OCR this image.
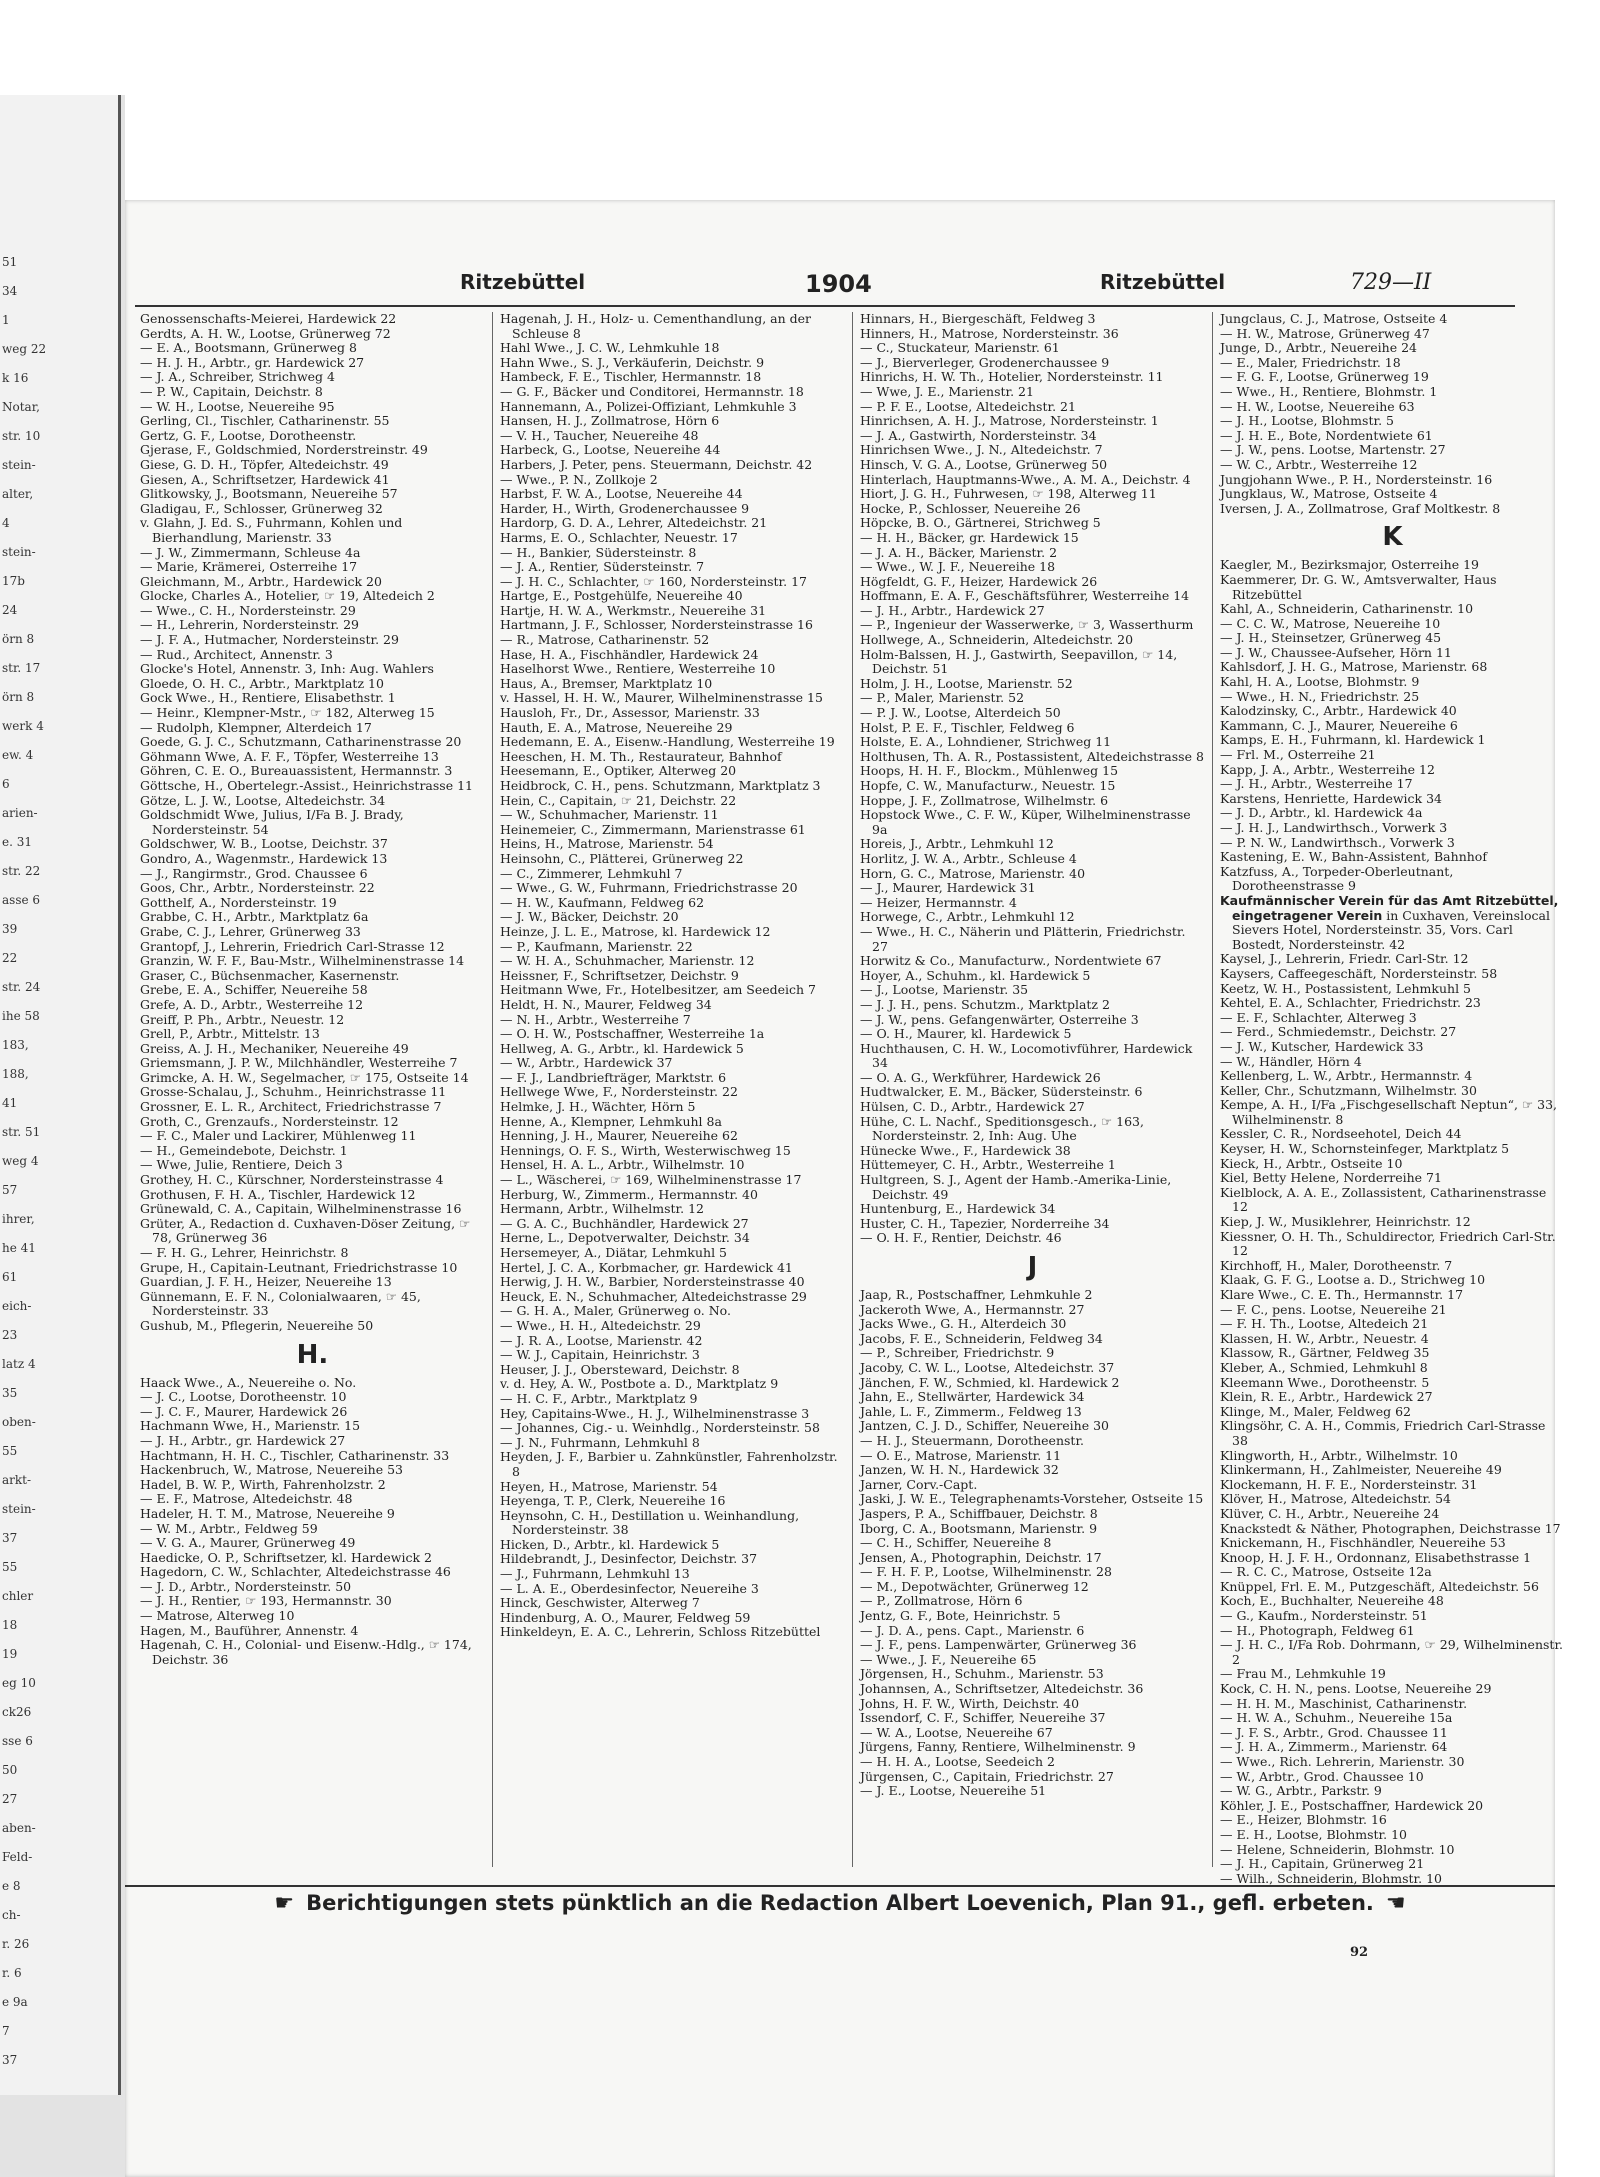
51
34
1
weg 22
k 16
Notar,
str. 10
stein-
alter,
4
stein-
17b
24
örn 8
str. 17
örn 8
werk 4
ew. 4
6
arien-
e. 31
str. 22
asse 6
39
22
str. 24
ihe 58
183,
188,
41
str. 51
weg 4
57
ihrer,
he 41
61
eich-
23
latz 4
35
oben-
55
arkt-
stein-
37
55
chler
18
19
eg 10
ck26
sse 6
50
27
aben-
Feld-
e 8
ch-
r. 26
r. 6
e 9a
7
37
Ritzebüttel	1904	Ritzebüttel	729—II

Genossenschafts-Meierei, Hardewick 22

Gerdts, A. H. W., Lootse, Grünerweg 72

— E. A., Bootsmann, Grünerweg 8

— H. J. H., Arbtr., gr. Hardewick 27

— J. A., Schreiber, Strichweg 4

— P. W., Capitain, Deichstr. 8

— W. H., Lootse, Neuereihe 95

Gerling, Cl., Tischler, Catharinenstr. 55

Gertz, G. F., Lootse, Dorotheenstr.

Gjerase, F., Goldschmied, Norderstreinstr. 49

Giese, G. D. H., Töpfer, Altedeichstr. 49

Giesen, A., Schriftsetzer, Hardewick 41

Glitkowsky, J., Bootsmann, Neuereihe 57

Gladigau, F., Schlosser, Grünerweg 32

v. Glahn, J. Ed. S., Fuhrmann, Kohlen und Bierhandlung, Marienstr. 33

— J. W., Zimmermann, Schleuse 4a

— Marie, Krämerei, Osterreihe 17

Gleichmann, M., Arbtr., Hardewick 20

Glocke, Charles A., Hotelier, ☞ 19, Altedeich 2

— Wwe., C. H., Nordersteinstr. 29

— H., Lehrerin, Nordersteinstr. 29

— J. F. A., Hutmacher, Nordersteinstr. 29

— Rud., Architect, Annenstr. 3

Glocke's Hotel, Annenstr. 3, Inh: Aug. Wahlers

Gloede, O. H. C., Arbtr., Marktplatz 10

Gock Wwe., H., Rentiere, Elisabethstr. 1

— Heinr., Klempner-Mstr., ☞ 182, Alterweg 15

— Rudolph, Klempner, Alterdeich 17

Goede, G. J. C., Schutzmann, Catharinenstrasse 20

Göhmann Wwe, A. F. F., Töpfer, Westerreihe 13

Göhren, C. E. O., Bureauassistent, Hermannstr. 3

Göttsche, H., Obertelegr.-Assist., Heinrichstrasse 11

Götze, L. J. W., Lootse, Altedeichstr. 34

Goldschmidt Wwe, Julius, I/Fa B. J. Brady, Nordersteinstr. 54

Goldschwer, W. B., Lootse, Deichstr. 37

Gondro, A., Wagenmstr., Hardewick 13

— J., Rangirmstr., Grod. Chaussee 6

Goos, Chr., Arbtr., Nordersteinstr. 22

Gotthelf, A., Nordersteinstr. 19

Grabbe, C. H., Arbtr., Marktplatz 6a

Grabe, C. J., Lehrer, Grünerweg 33

Grantopf, J., Lehrerin, Friedrich Carl-Strasse 12

Granzin, W. F. F., Bau-Mstr., Wilhelminenstrasse 14

Graser, C., Büchsenmacher, Kasernenstr.

Grebe, E. A., Schiffer, Neuereihe 58

Grefe, A. D., Arbtr., Westerreihe 12

Greiff, P. Ph., Arbtr., Neuestr. 12

Grell, P., Arbtr., Mittelstr. 13

Greiss, A. J. H., Mechaniker, Neuereihe 49

Griemsmann, J. P. W., Milchhändler, Westerreihe 7

Grimcke, A. H. W., Segelmacher, ☞ 175, Ostseite 14

Grosse-Schalau, J., Schuhm., Heinrichstrasse 11

Grossner, E. L. R., Architect, Friedrichstrasse 7

Groth, C., Grenzaufs., Nordersteinstr. 12

— F. C., Maler und Lackirer, Mühlenweg 11

— H., Gemeindebote, Deichstr. 1

— Wwe, Julie, Rentiere, Deich 3

Grothey, H. C., Kürschner, Nordersteinstrasse 4

Grothusen, F. H. A., Tischler, Hardewick 12

Grünewald, C. A., Capitain, Wilhelminenstrasse 16

Grüter, A., Redaction d. Cuxhaven-Döser Zeitung, ☞ 78, Grünerweg 36

— F. H. G., Lehrer, Heinrichstr. 8

Grupe, H., Capitain-Leutnant, Friedrichstrasse 10

Guardian, J. F. H., Heizer, Neuereihe 13

Günnemann, E. F. N., Colonialwaaren, ☞ 45, Nordersteinstr. 33

Gushub, M., Pflegerin, Neuereihe 50

H.

Haack Wwe., A., Neuereihe o. No.

— J. C., Lootse, Dorotheenstr. 10

— J. C. F., Maurer, Hardewick 26

Hachmann Wwe, H., Marienstr. 15

— J. H., Arbtr., gr. Hardewick 27

Hachtmann, H. H. C., Tischler, Catharinenstr. 33

Hackenbruch, W., Matrose, Neuereihe 53

Hadel, B. W. P., Wirth, Fahrenholzstr. 2

— E. F., Matrose, Altedeichstr. 48

Hadeler, H. T. M., Matrose, Neuereihe 9

— W. M., Arbtr., Feldweg 59

— V. G. A., Maurer, Grünerweg 49

Haedicke, O. P., Schriftsetzer, kl. Hardewick 2

Hagedorn, C. W., Schlachter, Altedeichstrasse 46

— J. D., Arbtr., Nordersteinstr. 50

— J. H., Rentier, ☞ 193, Hermannstr. 30

— Matrose, Alterweg 10

Hagen, M., Bauführer, Annenstr. 4

Hagenah, C. H., Colonial- und Eisenw.-Hdlg., ☞ 174, Deichstr. 36

Hagenah, J. H., Holz- u. Cementhandlung, an der Schleuse 8

Hahl Wwe., J. C. W., Lehmkuhle 18

Hahn Wwe., S. J., Verkäuferin, Deichstr. 9

Hambeck, F. E., Tischler, Hermannstr. 18

— G. F., Bäcker und Conditorei, Hermannstr. 18

Hannemann, A., Polizei-Offiziant, Lehmkuhle 3

Hansen, H. J., Zollmatrose, Hörn 6

— V. H., Taucher, Neuereihe 48

Harbeck, G., Lootse, Neuereihe 44

Harbers, J. Peter, pens. Steuermann, Deichstr. 42

— Wwe., P. N., Zollkoje 2

Harbst, F. W. A., Lootse, Neuereihe 44

Harder, H., Wirth, Grodenerchaussee 9

Hardorp, G. D. A., Lehrer, Altedeichstr. 21

Harms, E. O., Schlachter, Neuestr. 17

— H., Bankier, Südersteinstr. 8

— J. A., Rentier, Südersteinstr. 7

— J. H. C., Schlachter, ☞ 160, Nordersteinstr. 17

Hartge, E., Postgehülfe, Neuereihe 40

Hartje, H. W. A., Werkmstr., Neuereihe 31

Hartmann, J. F., Schlosser, Nordersteinstrasse 16

— R., Matrose, Catharinenstr. 52

Hase, H. A., Fischhändler, Hardewick 24

Haselhorst Wwe., Rentiere, Westerreihe 10

Haus, A., Bremser, Marktplatz 10

v. Hassel, H. H. W., Maurer, Wilhelminenstrasse 15

Hausloh, Fr., Dr., Assessor, Marienstr. 33

Hauth, E. A., Matrose, Neuereihe 29

Hedemann, E. A., Eisenw.-Handlung, Westerreihe 19

Heeschen, H. M. Th., Restaurateur, Bahnhof

Heesemann, E., Optiker, Alterweg 20

Heidbrock, C. H., pens. Schutzmann, Marktplatz 3

Hein, C., Capitain, ☞ 21, Deichstr. 22

— W., Schuhmacher, Marienstr. 11

Heinemeier, C., Zimmermann, Marienstrasse 61

Heins, H., Matrose, Marienstr. 54

Heinsohn, C., Plätterei, Grünerweg 22

— C., Zimmerer, Lehmkuhl 7

— Wwe., G. W., Fuhrmann, Friedrichstrasse 20

— H. W., Kaufmann, Feldweg 62

— J. W., Bäcker, Deichstr. 20

Heinze, J. L. E., Matrose, kl. Hardewick 12

— P., Kaufmann, Marienstr. 22

— W. H. A., Schuhmacher, Marienstr. 12

Heissner, F., Schriftsetzer, Deichstr. 9

Heitmann Wwe, Fr., Hotelbesitzer, am Seedeich 7

Heldt, H. N., Maurer, Feldweg 34

— N. H., Arbtr., Westerreihe 7

— O. H. W., Postschaffner, Westerreihe 1a

Hellweg, A. G., Arbtr., kl. Hardewick 5

— W., Arbtr., Hardewick 37

— F. J., Landbriefträger, Marktstr. 6

Hellwege Wwe, F., Nordersteinstr. 22

Helmke, J. H., Wächter, Hörn 5

Henne, A., Klempner, Lehmkuhl 8a

Henning, J. H., Maurer, Neuereihe 62

Hennings, O. F. S., Wirth, Westerwischweg 15

Hensel, H. A. L., Arbtr., Wilhelmstr. 10

— L., Wäscherei, ☞ 169, Wilhelminenstrasse 17

Herburg, W., Zimmerm., Hermannstr. 40

Hermann, Arbtr., Wilhelmstr. 12

— G. A. C., Buchhändler, Hardewick 27

Herne, L., Depotverwalter, Deichstr. 34

Hersemeyer, A., Diätar, Lehmkuhl 5

Hertel, J. C. A., Korbmacher, gr. Hardewick 41

Herwig, J. H. W., Barbier, Nordersteinstrasse 40

Heuck, E. N., Schuhmacher, Altedeichstrasse 29

— G. H. A., Maler, Grünerweg o. No.

— Wwe., H. H., Altedeichstr. 29

— J. R. A., Lootse, Marienstr. 42

— W. J., Capitain, Heinrichstr. 3

Heuser, J. J., Obersteward, Deichstr. 8

v. d. Hey, A. W., Postbote a. D., Marktplatz 9

— H. C. F., Arbtr., Marktplatz 9

Hey, Capitains-Wwe., H. J., Wilhelminenstrasse 3

— Johannes, Cig.- u. Weinhdlg., Nordersteinstr. 58

— J. N., Fuhrmann, Lehmkuhl 8

Heyden, J. F., Barbier u. Zahnkünstler, Fahrenholzstr. 8

Heyen, H., Matrose, Marienstr. 54

Heyenga, T. P., Clerk, Neuereihe 16

Heynsohn, C. H., Destillation u. Weinhandlung, Nordersteinstr. 38

Hicken, D., Arbtr., kl. Hardewick 5

Hildebrandt, J., Desinfector, Deichstr. 37

— J., Fuhrmann, Lehmkuhl 13

— L. A. E., Oberdesinfector, Neuereihe 3

Hinck, Geschwister, Alterweg 7

Hindenburg, A. O., Maurer, Feldweg 59

Hinkeldeyn, E. A. C., Lehrerin, Schloss Ritzebüttel

Hinnars, H., Biergeschäft, Feldweg 3

Hinners, H., Matrose, Nordersteinstr. 36

— C., Stuckateur, Marienstr. 61

— J., Bierverleger, Grodenerchaussee 9

Hinrichs, H. W. Th., Hotelier, Nordersteinstr. 11

— Wwe, J. E., Marienstr. 21

— P. F. E., Lootse, Altedeichstr. 21

Hinrichsen, A. H. J., Matrose, Nordersteinstr. 1

— J. A., Gastwirth, Nordersteinstr. 34

Hinrichsen Wwe., J. N., Altedeichstr. 7

Hinsch, V. G. A., Lootse, Grünerweg 50

Hinterlach, Hauptmanns-Wwe., A. M. A., Deichstr. 4

Hiort, J. G. H., Fuhrwesen, ☞ 198, Alterweg 11

Hocke, P., Schlosser, Neuereihe 26

Höpcke, B. O., Gärtnerei, Strichweg 5

— H. H., Bäcker, gr. Hardewick 15

— J. A. H., Bäcker, Marienstr. 2

— Wwe., W. J. F., Neuereihe 18

Högfeldt, G. F., Heizer, Hardewick 26

Hoffmann, E. A. F., Geschäftsführer, Westerreihe 14

— J. H., Arbtr., Hardewick 27

— P., Ingenieur der Wasserwerke, ☞ 3, Wasserthurm

Hollwege, A., Schneiderin, Altedeichstr. 20

Holm-Balssen, H. J., Gastwirth, Seepavillon, ☞ 14, Deichstr. 51

Holm, J. H., Lootse, Marienstr. 52

— P., Maler, Marienstr. 52

— P. J. W., Lootse, Alterdeich 50

Holst, P. E. F., Tischler, Feldweg 6

Holste, E. A., Lohndiener, Strichweg 11

Holthusen, Th. A. R., Postassistent, Altedeichstrasse 8

Hoops, H. H. F., Blockm., Mühlenweg 15

Hopfe, C. W., Manufacturw., Neuestr. 15

Hoppe, J. F., Zollmatrose, Wilhelmstr. 6

Hopstock Wwe., C. F. W., Küper, Wilhelminenstrasse 9a

Horeis, J., Arbtr., Lehmkuhl 12

Horlitz, J. W. A., Arbtr., Schleuse 4

Horn, G. C., Matrose, Marienstr. 40

— J., Maurer, Hardewick 31

— Heizer, Hermannstr. 4

Horwege, C., Arbtr., Lehmkuhl 12

— Wwe., H. C., Näherin und Plätterin, Friedrichstr. 27

Horwitz & Co., Manufacturw., Nordentwiete 67

Hoyer, A., Schuhm., kl. Hardewick 5

— J., Lootse, Marienstr. 35

— J. J. H., pens. Schutzm., Marktplatz 2

— J. W., pens. Gefangenwärter, Osterreihe 3

— O. H., Maurer, kl. Hardewick 5

Huchthausen, C. H. W., Locomotivführer, Hardewick 34

— O. A. G., Werkführer, Hardewick 26

Hudtwalcker, E. M., Bäcker, Südersteinstr. 6

Hülsen, C. D., Arbtr., Hardewick 27

Hühe, C. L. Nachf., Speditionsgesch., ☞ 163, Nordersteinstr. 2, Inh: Aug. Uhe

Hünecke Wwe., F., Hardewick 38

Hüttemeyer, C. H., Arbtr., Westerreihe 1

Hultgreen, S. J., Agent der Hamb.-Amerika-Linie, Deichstr. 49

Huntenburg, E., Hardewick 34

Huster, C. H., Tapezier, Norderreihe 34

— O. H. F., Rentier, Deichstr. 46

J

Jaap, R., Postschaffner, Lehmkuhle 2

Jackeroth Wwe, A., Hermannstr. 27

Jacks Wwe., G. H., Alterdeich 30

Jacobs, F. E., Schneiderin, Feldweg 34

— P., Schreiber, Friedrichstr. 9

Jacoby, C. W. L., Lootse, Altedeichstr. 37

Jänchen, F. W., Schmied, kl. Hardewick 2

Jahn, E., Stellwärter, Hardewick 34

Jahle, L. F., Zimmerm., Feldweg 13

Jantzen, C. J. D., Schiffer, Neuereihe 30

— H. J., Steuermann, Dorotheenstr.

— O. E., Matrose, Marienstr. 11

Janzen, W. H. N., Hardewick 32

Jarner, Corv.-Capt.

Jaski, J. W. E., Telegraphenamts-Vorsteher, Ostseite 15

Jaspers, P. A., Schiffbauer, Deichstr. 8

Iborg, C. A., Bootsmann, Marienstr. 9

— C. H., Schiffer, Neuereihe 8

Jensen, A., Photographin, Deichstr. 17

— F. H. F. P., Lootse, Wilhelminenstr. 28

— M., Depotwächter, Grünerweg 12

— P., Zollmatrose, Hörn 6

Jentz, G. F., Bote, Heinrichstr. 5

— J. D. A., pens. Capt., Marienstr. 6

— J. F., pens. Lampenwärter, Grünerweg 36

— Wwe., J. F., Neuereihe 65

Jörgensen, H., Schuhm., Marienstr. 53

Johannsen, A., Schriftsetzer, Altedeichstr. 36

Johns, H. F. W., Wirth, Deichstr. 40

Issendorf, C. F., Schiffer, Neuereihe 37

— W. A., Lootse, Neuereihe 67

Jürgens, Fanny, Rentiere, Wilhelminenstr. 9

— H. H. A., Lootse, Seedeich 2

Jürgensen, C., Capitain, Friedrichstr. 27

— J. E., Lootse, Neuereihe 51

Jungclaus, C. J., Matrose, Ostseite 4

— H. W., Matrose, Grünerweg 47

Junge, D., Arbtr., Neuereihe 24

— E., Maler, Friedrichstr. 18

— F. G. F., Lootse, Grünerweg 19

— Wwe., H., Rentiere, Blohmstr. 1

— H. W., Lootse, Neuereihe 63

— J. H., Lootse, Blohmstr. 5

— J. H. E., Bote, Nordentwiete 61

— J. W., pens. Lootse, Martenstr. 27

— W. C., Arbtr., Westerreihe 12

Jungjohann Wwe., P. H., Nordersteinstr. 16

Jungklaus, W., Matrose, Ostseite 4

Iversen, J. A., Zollmatrose, Graf Moltkestr. 8

K

Kaegler, M., Bezirksmajor, Osterreihe 19

Kaemmerer, Dr. G. W., Amtsverwalter, Haus Ritzebüttel

Kahl, A., Schneiderin, Catharinenstr. 10

— C. C. W., Matrose, Neuereihe 10

— J. H., Steinsetzer, Grünerweg 45

— J. W., Chaussee-Aufseher, Hörn 11

Kahlsdorf, J. H. G., Matrose, Marienstr. 68

Kahl, H. A., Lootse, Blohmstr. 9

— Wwe., H. N., Friedrichstr. 25

Kalodzinsky, C., Arbtr., Hardewick 40

Kammann, C. J., Maurer, Neuereihe 6

Kamps, E. H., Fuhrmann, kl. Hardewick 1

— Frl. M., Osterreihe 21

Kapp, J. A., Arbtr., Westerreihe 12

— J. H., Arbtr., Westerreihe 17

Karstens, Henriette, Hardewick 34

— J. D., Arbtr., kl. Hardewick 4a

— J. H. J., Landwirthsch., Vorwerk 3

— P. N. W., Landwirthsch., Vorwerk 3

Kastening, E. W., Bahn-Assistent, Bahnhof

Katzfuss, A., Torpeder-Oberleutnant, Dorotheenstrasse 9

Kaufmännischer Verein für das Amt Ritzebüttel, eingetragener Verein in Cuxhaven, Vereinslocal Sievers Hotel, Nordersteinstr. 35, Vors. Carl Bostedt, Nordersteinstr. 42

Kaysel, J., Lehrerin, Friedr. Carl-Str. 12

Kaysers, Caffeegeschäft, Nordersteinstr. 58

Keetz, W. H., Postassistent, Lehmkuhl 5

Kehtel, E. A., Schlachter, Friedrichstr. 23

— E. F., Schlachter, Alterweg 3

— Ferd., Schmiedemstr., Deichstr. 27

— J. W., Kutscher, Hardewick 33

— W., Händler, Hörn 4

Kellenberg, L. W., Arbtr., Hermannstr. 4

Keller, Chr., Schutzmann, Wilhelmstr. 30

Kempe, A. H., I/Fa „Fischgesellschaft Neptun“, ☞ 33, Wilhelminenstr. 8

Kessler, C. R., Nordseehotel, Deich 44

Keyser, H. W., Schornsteinfeger, Marktplatz 5

Kieck, H., Arbtr., Ostseite 10

Kiel, Betty Helene, Norderreihe 71

Kielblock, A. A. E., Zollassistent, Catharinenstrasse 12

Kiep, J. W., Musiklehrer, Heinrichstr. 12

Kiessner, O. H. Th., Schuldirector, Friedrich Carl-Str. 12

Kirchhoff, H., Maler, Dorotheenstr. 7

Klaak, G. F. G., Lootse a. D., Strichweg 10

Klare Wwe., C. E. Th., Hermannstr. 17

— F. C., pens. Lootse, Neuereihe 21

— F. H. Th., Lootse, Altedeich 21

Klassen, H. W., Arbtr., Neuestr. 4

Klassow, R., Gärtner, Feldweg 35

Kleber, A., Schmied, Lehmkuhl 8

Kleemann Wwe., Dorotheenstr. 5

Klein, R. E., Arbtr., Hardewick 27

Klinge, M., Maler, Feldweg 62

Klingsöhr, C. A. H., Commis, Friedrich Carl-Strasse 38

Klingworth, H., Arbtr., Wilhelmstr. 10

Klinkermann, H., Zahlmeister, Neuereihe 49

Klockemann, H. F. E., Nordersteinstr. 31

Klöver, H., Matrose, Altedeichstr. 54

Klüver, C. H., Arbtr., Neuereihe 24

Knackstedt & Näther, Photographen, Deichstrasse 17

Knickemann, H., Fischhändler, Neuereihe 53

Knoop, H. J. F. H., Ordonnanz, Elisabethstrasse 1

— R. C. C., Matrose, Ostseite 12a

Knüppel, Frl. E. M., Putzgeschäft, Altedeichstr. 56

Koch, E., Buchhalter, Neuereihe 48

— G., Kaufm., Nordersteinstr. 51

— H., Photograph, Feldweg 61

— J. H. C., I/Fa Rob. Dohrmann, ☞ 29, Wilhelminenstr. 2

— Frau M., Lehmkuhle 19

Kock, C. H. N., pens. Lootse, Neuereihe 29

— H. H. M., Maschinist, Catharinenstr.

— H. W. A., Schuhm., Neuereihe 15a

— J. F. S., Arbtr., Grod. Chaussee 11

— J. H. A., Zimmerm., Marienstr. 64

— Wwe., Rich. Lehrerin, Marienstr. 30

— W., Arbtr., Grod. Chaussee 10

— W. G., Arbtr., Parkstr. 9

Köhler, J. E., Postschaffner, Hardewick 20

— E., Heizer, Blohmstr. 16

— E. H., Lootse, Blohmstr. 10

— Helene, Schneiderin, Blohmstr. 10

— J. H., Capitain, Grünerweg 21

— Wilh., Schneiderin, Blohmstr. 10

☛ Berichtigungen stets pünktlich an die Redaction Albert Loevenich, Plan 91., gefl. erbeten. ☚
92
